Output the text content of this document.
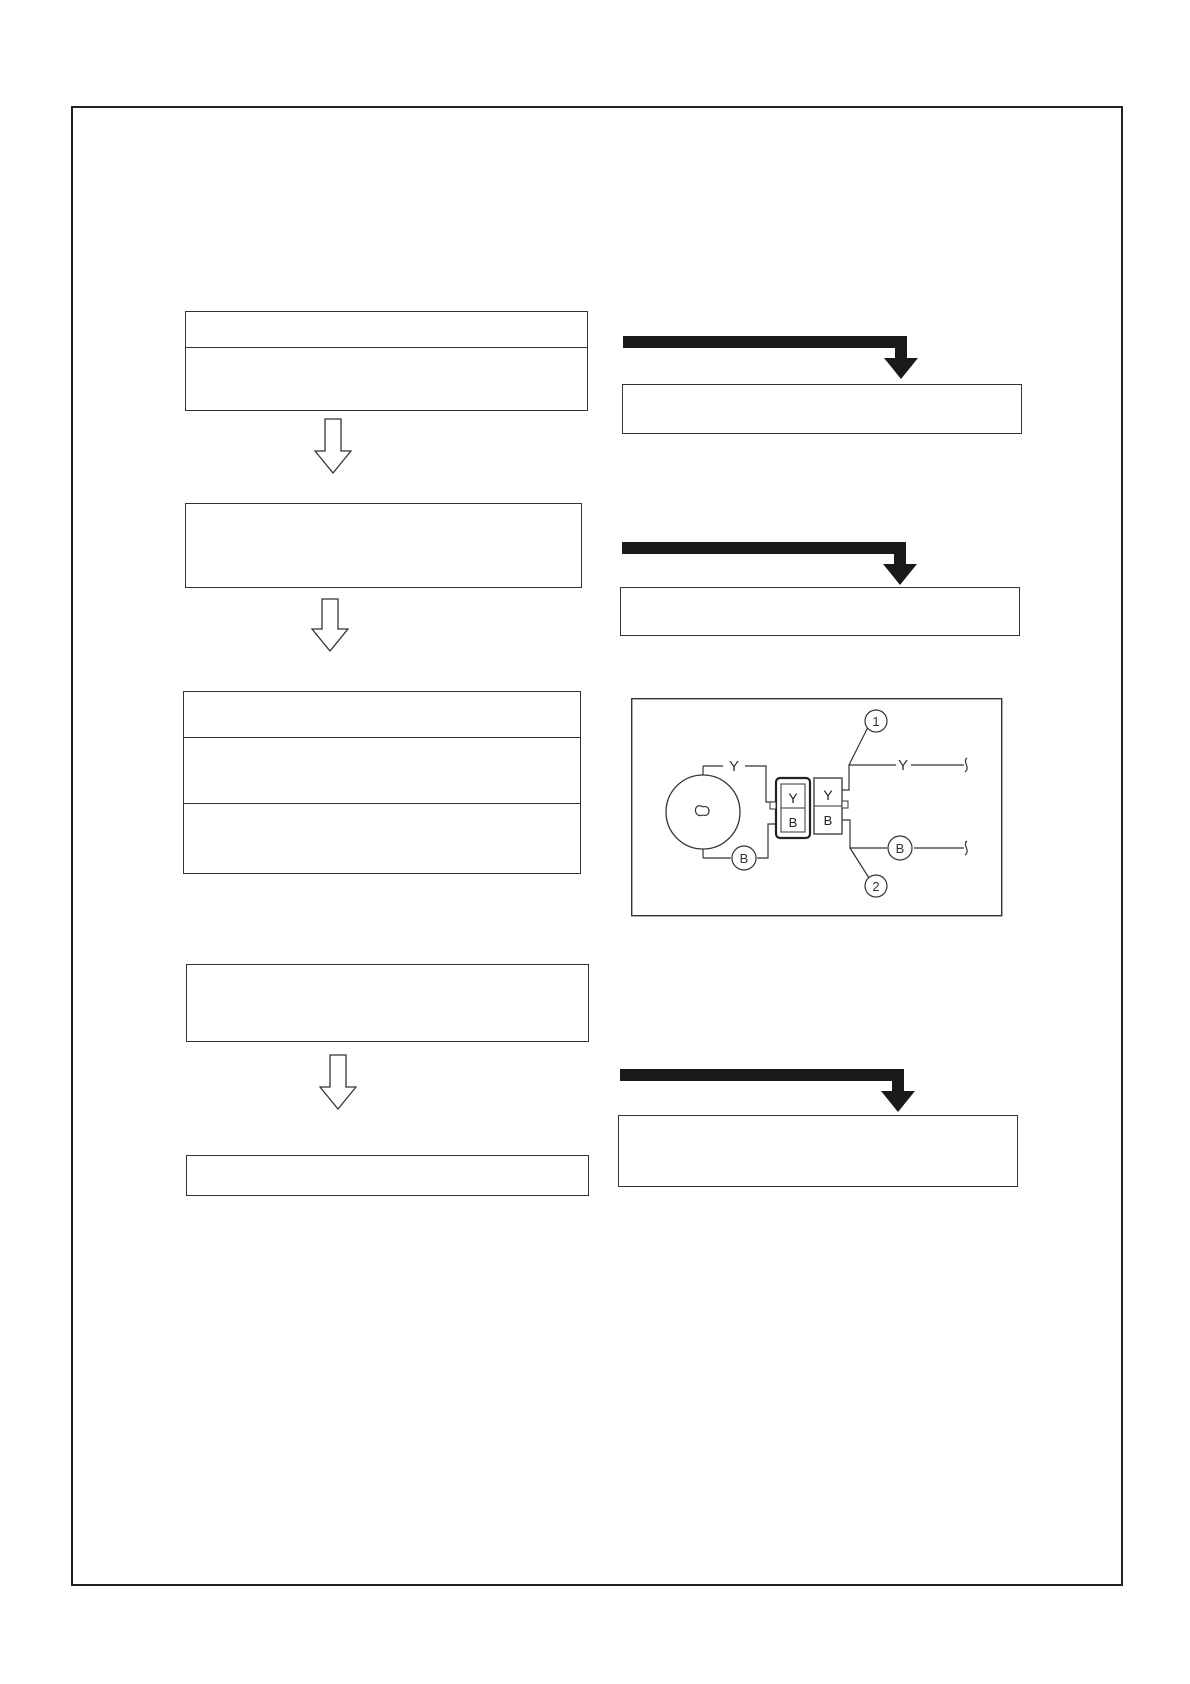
Y
B
Y
B
Y
B
Y
B
1
2
